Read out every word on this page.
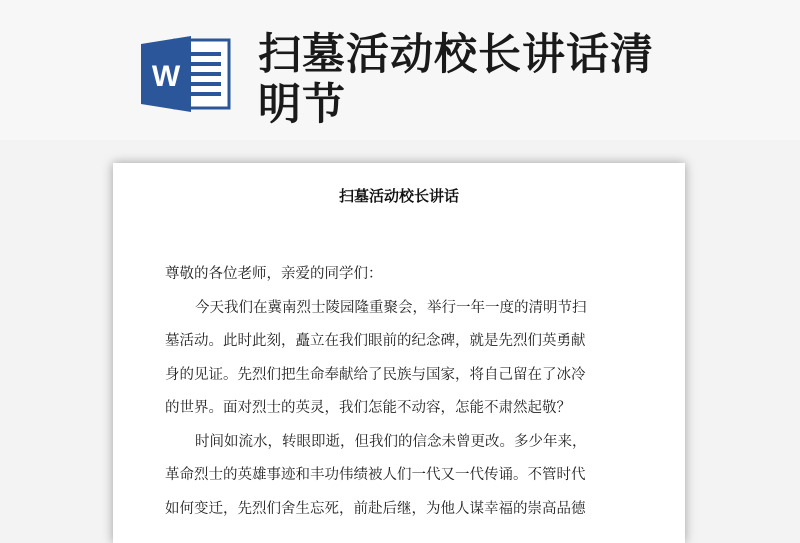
W 扫墓活动校长讲话清
明节
扫墓活动校长讲话
尊敬的各位老师，亲爱的同学们：
今天我们在冀南烈士陵园隆重聚会，举行一年一度的清明节扫
墓活动。此时此刻，矗立在我们眼前的纪念碑，就是先烈们英勇献
身的见证。先烈们把生命奉献给了民族与国家，将自己留在了冰冷
的世界。面对烈士的英灵，我们怎能不动容，怎能不肃然起敬？
时间如流水，转眼即逝，但我们的信念未曾更改。多少年来，
革命烈士的英雄事迹和丰功伟绩被人们一代又一代传诵。不管时代
如何变迁，先烈们舍生忘死，前赴后继，为他人谋幸福的崇高品德
